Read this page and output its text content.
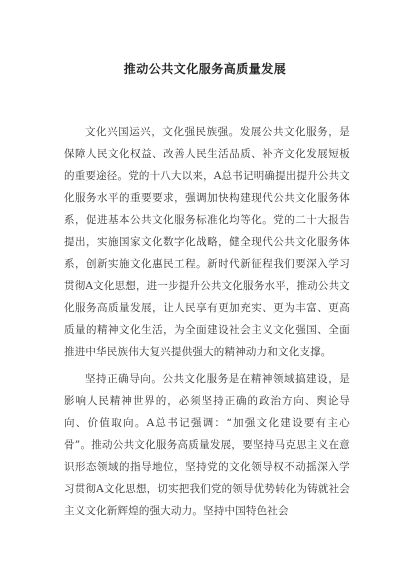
推动公共文化服务高质量发展

文化兴国运兴，文化强民族强。发展公共文化服务，是保障人民文化权益、改善人民生活品质、补齐文化发展短板的重要途径。党的十八大以来，A总书记明确提出提升公共文化服务水平的重要要求，强调加快构建现代公共文化服务体系，促进基本公共文化服务标准化均等化。党的二十大报告提出，实施国家文化数字化战略，健全现代公共文化服务体系，创新实施文化惠民工程。新时代新征程我们要深入学习贯彻A文化思想，进一步提升公共文化服务水平，推动公共文化服务高质量发展，让人民享有更加充实、更为丰富、更高质量的精神文化生活，为全面建设社会主义文化强国、全面推进中华民族伟大复兴提供强大的精神动力和文化支撑。

坚持正确导向。公共文化服务是在精神领域搞建设，是影响人民精神世界的，必须坚持正确的政治方向、舆论导向、价值取向。A总书记强调：“加强文化建设要有主心骨”。推动公共文化服务高质量发展，要坚持马克思主义在意识形态领域的指导地位，坚持党的文化领导权不动摇深入学习贯彻A文化思想，切实把我们党的领导优势转化为铸就社会主义文化新辉煌的强大动力。坚持中国特色社会
